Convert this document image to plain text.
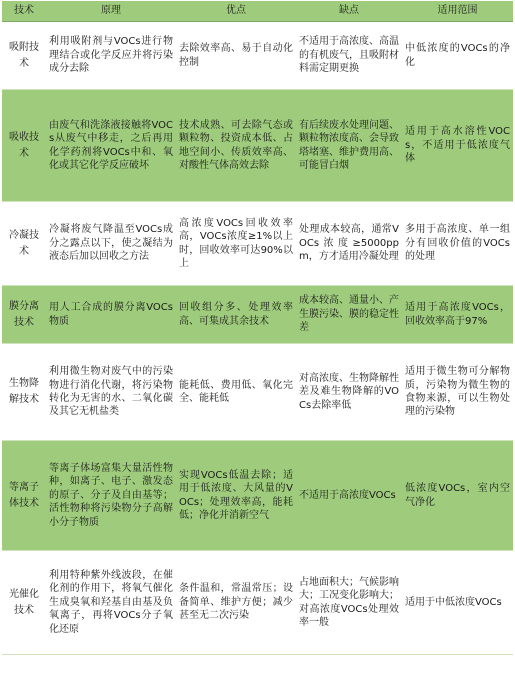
技术	原理	优点	缺点	适用范围
吸附技术	利用吸附剂与VOCs进行物理结合或化学反应并将污染成分去除	去除效率高、易于自动化控制	不适用于高浓度、高温的有机废气，且吸附材料需定期更换	中低浓度的VOCs的净化
吸收技术	由废气和洗涤液接触将VOCs从废气中移走，之后再用化学药剂将VOCs中和、氧化或其它化学反应破坏	技术成熟、可去除气态或颗粒物、投资成本低、占地空间小、传质效率高、对酸性气体高效去除	有后续废水处理问题、颗粒物浓度高、会导致塔堵塞、维护费用高、可能冒白烟	适用于高水溶性VOCs，不适用于低浓度气体
冷凝技术	冷凝将废气降温至VOCs成分之露点以下，使之凝结为液态后加以回收之方法	高浓度VOCs回收效率高，VOCs浓度≥1%以上时，回收效率可达90%以上	处理成本较高，通常VOCs浓度≥5000ppm，方才适用冷凝处理	多用于高浓度、单一组分有回收价值的VOCs的处理
膜分离技术	用人工合成的膜分离VOCs物质	回收组分多、处理效率高、可集成其余技术	成本较高、通量小、产生膜污染、膜的稳定性差	适用于高浓度VOCs，回收效率高于97%
生物降解技术	利用微生物对废气中的污染物进行消化代谢，将污染物转化为无害的水、二氧化碳及其它无机盐类	能耗低、费用低、氧化完全、能耗低	对高浓度、生物降解性差及难生物降解的VOCs去除率低	适用于微生物可分解物质，污染物为微生物的食物来源，可以生物处理的污染物
等离子体技术	等离子体场富集大量活性物种，如离子、电子、激发态的原子、分子及自由基等；活性物种将污染物分子高解小分子物质	实现VOCs低温去除；适用于低浓度、大风量的VOCs；处理效率高，能耗低；净化并消新空气	不适用于高浓度VOCs	低浓度VOCs，室内空气净化
光催化技术	利用特种紫外线波段，在催化剂的作用下，将氧气催化生成臭氧和羟基自由基及负氧离子，再将VOCs分子氧化还原	条件温和，常温常压；设备简单、维护方便；减少甚至无二次污染	占地面积大；气候影响大；工况变化影响大；对高浓度VOCs处理效率一般	适用于中低浓度VOCs
